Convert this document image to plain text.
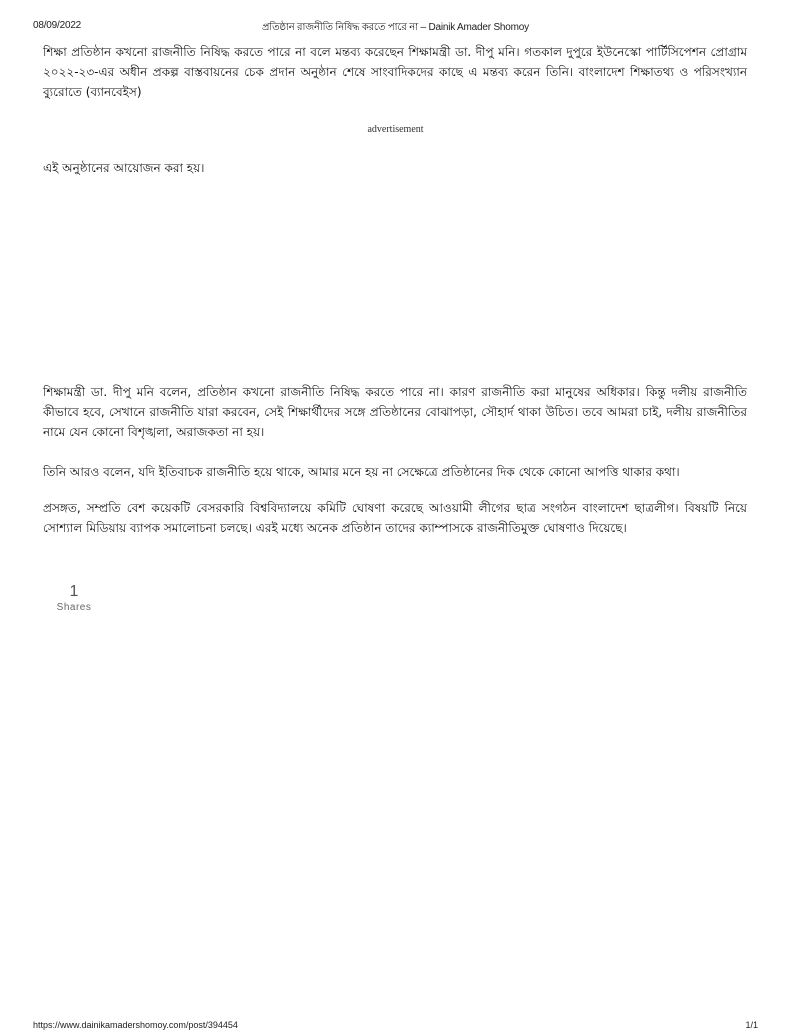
08/09/2022	প্রতিষ্ঠান রাজনীতি নিষিদ্ধ করতে পারে না – Dainik Amader Shomoy

শিক্ষা প্রতিষ্ঠান কখনো রাজনীতি নিষিদ্ধ করতে পারে না বলে মন্তব্য করেছেন শিক্ষামন্ত্রী ডা. দীপু মনি। গতকাল দুপুরে ইউনেস্কো পার্টিসিপেশন প্রোগ্রাম ২০২২-২৩-এর অধীন প্রকল্প বাস্তবায়নের চেক প্রদান অনুষ্ঠান শেষে সাংবাদিকদের কাছে এ মন্তব্য করেন তিনি। বাংলাদেশ শিক্ষাতথ্য ও পরিসংখ্যান ব্যুরোতে (ব্যানবেইস)

advertisement

এই অনুষ্ঠানের আয়োজন করা হয়।

শিক্ষামন্ত্রী ডা. দীপু মনি বলেন, প্রতিষ্ঠান কখনো রাজনীতি নিষিদ্ধ করতে পারে না। কারণ রাজনীতি করা মানুষের অধিকার। কিন্তু দলীয় রাজনীতি কীভাবে হবে, সেখানে রাজনীতি যারা করবেন, সেই শিক্ষার্থীদের সঙ্গে প্রতিষ্ঠানের বোঝাপড়া, সৌহার্দ থাকা উচিত। তবে আমরা চাই, দলীয় রাজনীতির নামে যেন কোনো বিশৃঙ্খলা, অরাজকতা না হয়।

তিনি আরও বলেন, যদি ইতিবাচক রাজনীতি হয়ে থাকে, আমার মনে হয় না সেক্ষেত্রে প্রতিষ্ঠানের দিক থেকে কোনো আপত্তি থাকার কথা।

প্রসঙ্গত, সম্প্রতি বেশ কয়েকটি বেসরকারি বিশ্ববিদ্যালয়ে কমিটি ঘোষণা করেছে আওয়ামী লীগের ছাত্র সংগঠন বাংলাদেশ ছাত্রলীগ। বিষয়টি নিয়ে সোশ্যাল মিডিয়ায় ব্যাপক সমালোচনা চলছে। এরই মধ্যে অনেক প্রতিষ্ঠান তাদের ক্যাম্পাসকে রাজনীতিমুক্ত ঘোষণাও দিয়েছে।

1
Shares
https://www.dainikamadershomoy.com/post/394454	1/1
